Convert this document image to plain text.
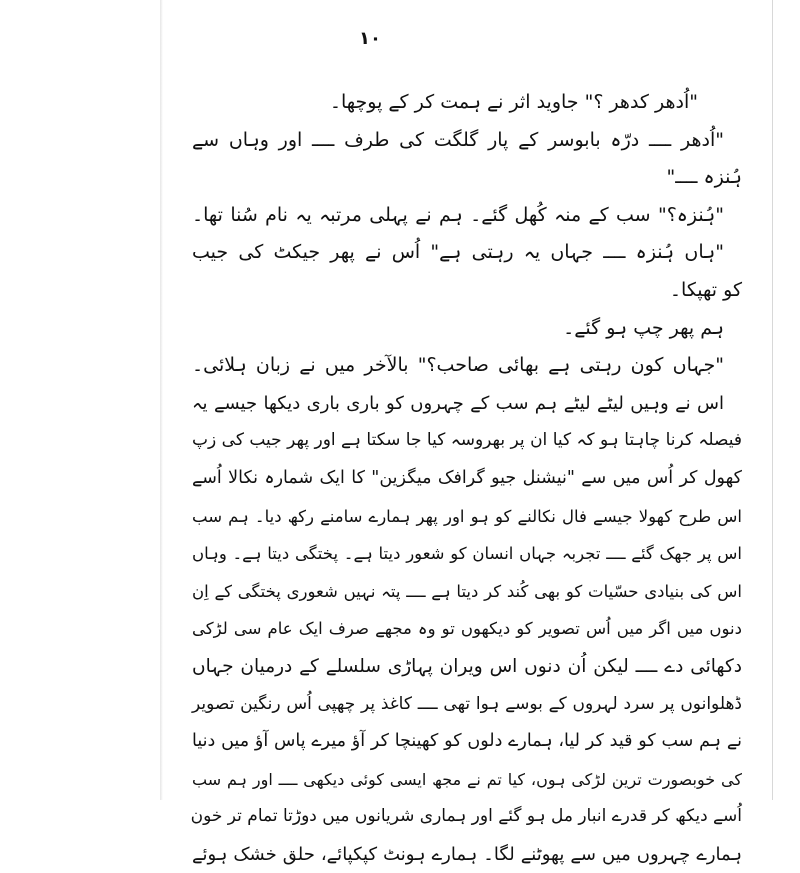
۱۰
"اُدھر کدھر ؟" جاوید اثر نے ہمت کر کے پوچھا۔
"اُدھر ــــ درّہ بابوسر کے پار گلگت کی طرف ــــ اور وہاں سے
ہُنزہ ــــ"
"ہُنزہ؟" سب کے منہ کُھل گئے۔ ہم نے پہلی مرتبہ یہ نام سُنا تھا۔
"ہاں ہُنزہ ــــ جہاں یہ رہتی ہے" اُس نے پھر جیکٹ کی جیب
کو تھپکا۔
ہم پھر چپ ہو گئے۔
"جہاں کون رہتی ہے بھائی صاحب؟" بالآخر میں نے زبان ہلائی۔
اس نے وہیں لیٹے لیٹے ہم سب کے چہروں کو باری باری دیکھا جیسے یہ
فیصلہ کرنا چاہتا ہو کہ کیا ان پر بھروسہ کیا جا سکتا ہے اور پھر جیب کی زپ
کھول کر اُس میں سے "نیشنل جیو گرافک میگزین" کا ایک شمارہ نکالا اُسے
اس طرح کھولا جیسے فال نکالنے کو ہو اور پھر ہمارے سامنے رکھ دیا۔ ہم سب
اس پر جھک گئے ــــ تجربہ جہاں انسان کو شعور دیتا ہے۔ پختگی دیتا ہے۔ وہاں
اس کی بنیادی حسّیات کو بھی کُند کر دیتا ہے ــــ پتہ نہیں شعوری پختگی کے اِن
دنوں میں اگر میں اُس تصویر کو دیکھوں تو وہ مجھے صرف ایک عام سی لڑکی
دکھائی دے ــــ لیکن اُن دنوں اس ویران پہاڑی سلسلے کے درمیان جہاں
ڈھلوانوں پر سرد لہروں کے بوسے ہوا تھی ــــ کاغذ پر چھپی اُس رنگین تصویر
نے ہم سب کو قید کر لیا، ہمارے دلوں کو کھینچا کر آؤ میرے پاس آؤ میں دنیا
کی خوبصورت ترین لڑکی ہوں، کیا تم نے مجھ ایسی کوئی دیکھی ــــ اور ہم سب
اُسے دیکھ کر قدرے انبار مل ہو گئے اور ہماری شریانوں میں دوڑتا تمام تر خون
ہمارے چہروں میں سے پھوٹنے لگا۔ ہمارے ہونٹ کپکپائے، حلق خشک ہوئے
